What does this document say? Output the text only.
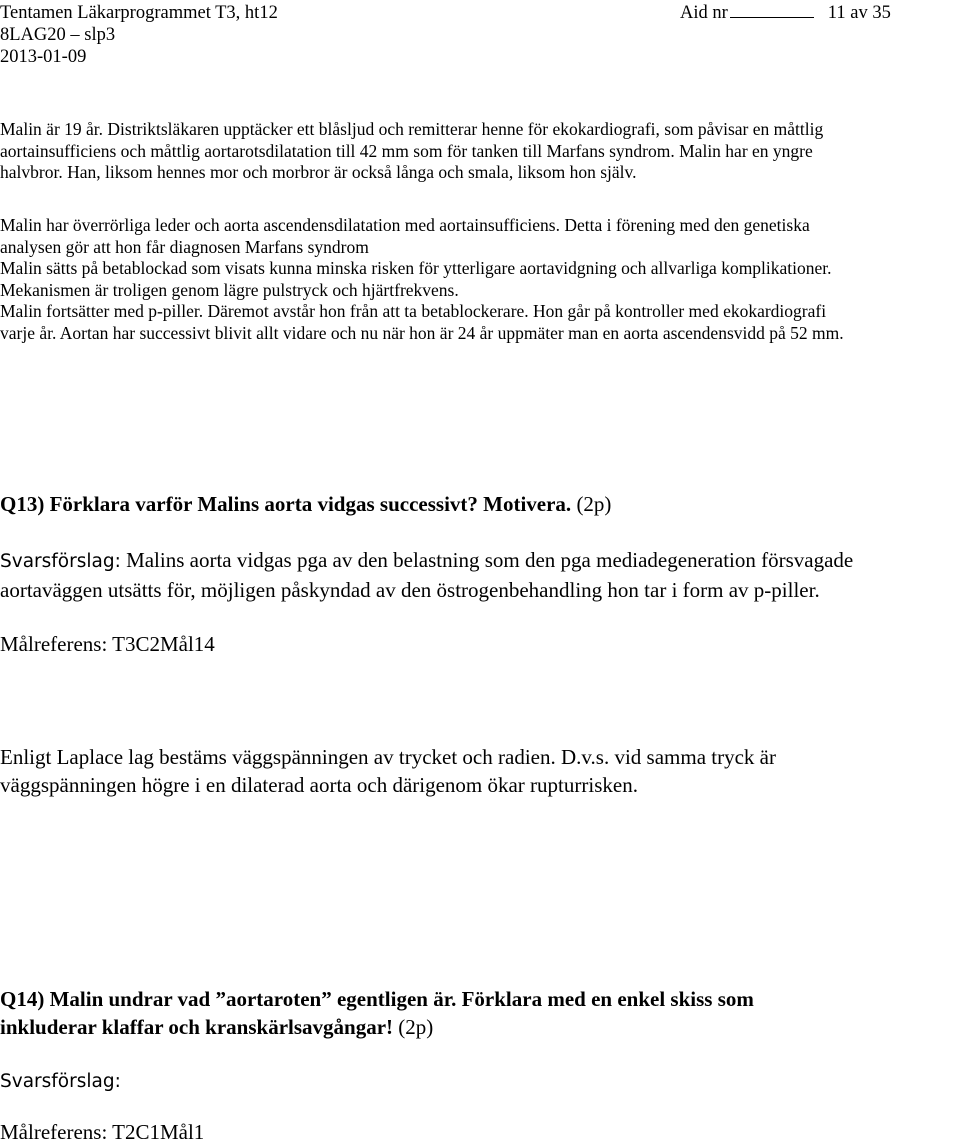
Tentamen Läkarprogrammet T3, ht12	Aid nr	11 av 35
8LAG20 – slp3
2013-01-09

Malin är 19 år. Distriktsläkaren upptäcker ett blåsljud och remitterar henne för ekokardiografi, som påvisar en måttlig

aortainsufficiens och måttlig aortarotsdilatation till 42 mm som för tanken till Marfans syndrom. Malin har en yngre

halvbror. Han, liksom hennes mor och morbror är också långa och smala, liksom hon själv.

Malin har överrörliga leder och aorta ascendensdilatation med aortainsufficiens. Detta i förening med den genetiska

analysen gör att hon får diagnosen Marfans syndrom

Malin sätts på betablockad som visats kunna minska risken för ytterligare aortavidgning och allvarliga komplikationer.

Mekanismen är troligen genom lägre pulstryck och hjärtfrekvens.

Malin fortsätter med p-piller. Däremot avstår hon från att ta betablockerare. Hon går på kontroller med ekokardiografi

varje år. Aortan har successivt blivit allt vidare och nu när hon är 24 år uppmäter man en aorta ascendensvidd på 52 mm.

Enligt Laplace lag bestäms väggspänningen av trycket och radien. D.v.s. vid samma tryck är

väggspänningen högre i en dilaterad aorta och därigenom ökar rupturrisken.

Q13) Förklara varför Malins aorta vidgas successivt? Motivera. (2p)

Svarsförslag: Malins aorta vidgas pga av den belastning som den pga mediadegeneration försvagade

aortaväggen utsätts för, möjligen påskyndad av den östrogenbehandling hon tar i form av p-piller.

Målreferens: T3C2Mål14

Q14) Malin undrar vad ”aortaroten” egentligen är. Förklara med en enkel skiss som

inkluderar klaffar och kranskärlsavgångar! (2p)

Svarsförslag:

Målreferens: T2C1Mål1
